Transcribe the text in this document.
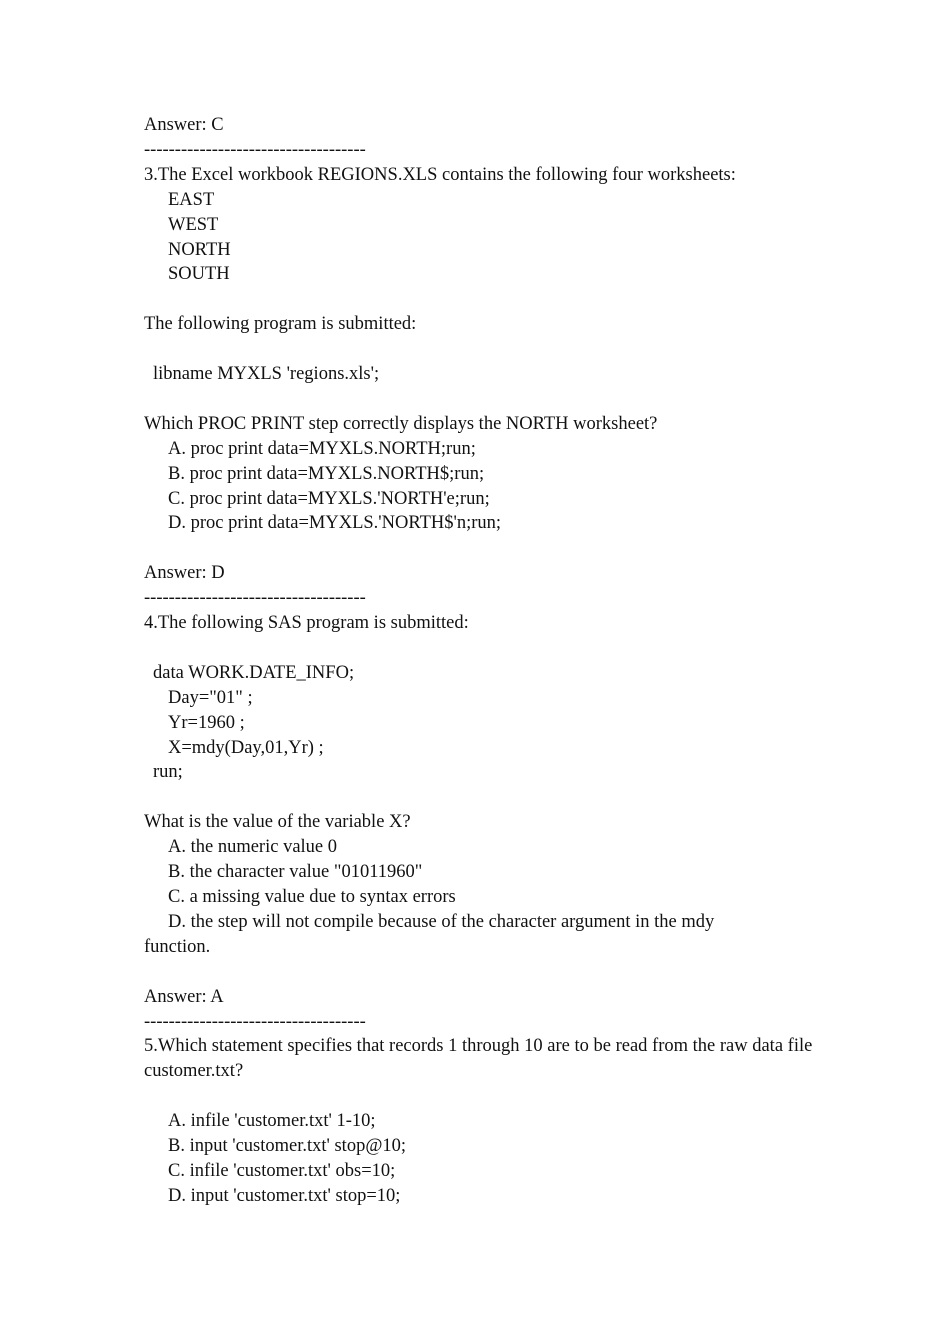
Answer: C
------------------------------------
3.The Excel workbook REGIONS.XLS contains the following four worksheets:
EAST
WEST
NORTH
SOUTH
The following program is submitted:
libname MYXLS 'regions.xls';
Which PROC PRINT step correctly displays the NORTH worksheet?
A. proc print data=MYXLS.NORTH;run;
B. proc print data=MYXLS.NORTH$;run;
C. proc print data=MYXLS.'NORTH'e;run;
D. proc print data=MYXLS.'NORTH$'n;run;
Answer: D
------------------------------------
4.The following SAS program is submitted:
data WORK.DATE_INFO;
Day="01" ;
Yr=1960 ;
X=mdy(Day,01,Yr) ;
run;
What is the value of the variable X?
A. the numeric value 0
B. the character value "01011960"
C. a missing value due to syntax errors
D. the step will not compile because of the character argument in the mdy
function.
Answer: A
------------------------------------
5.Which statement specifies that records 1 through 10 are to be read from the raw data file customer.txt?
A. infile 'customer.txt' 1-10;
B. input 'customer.txt' stop@10;
C. infile 'customer.txt' obs=10;
D. input 'customer.txt' stop=10;
